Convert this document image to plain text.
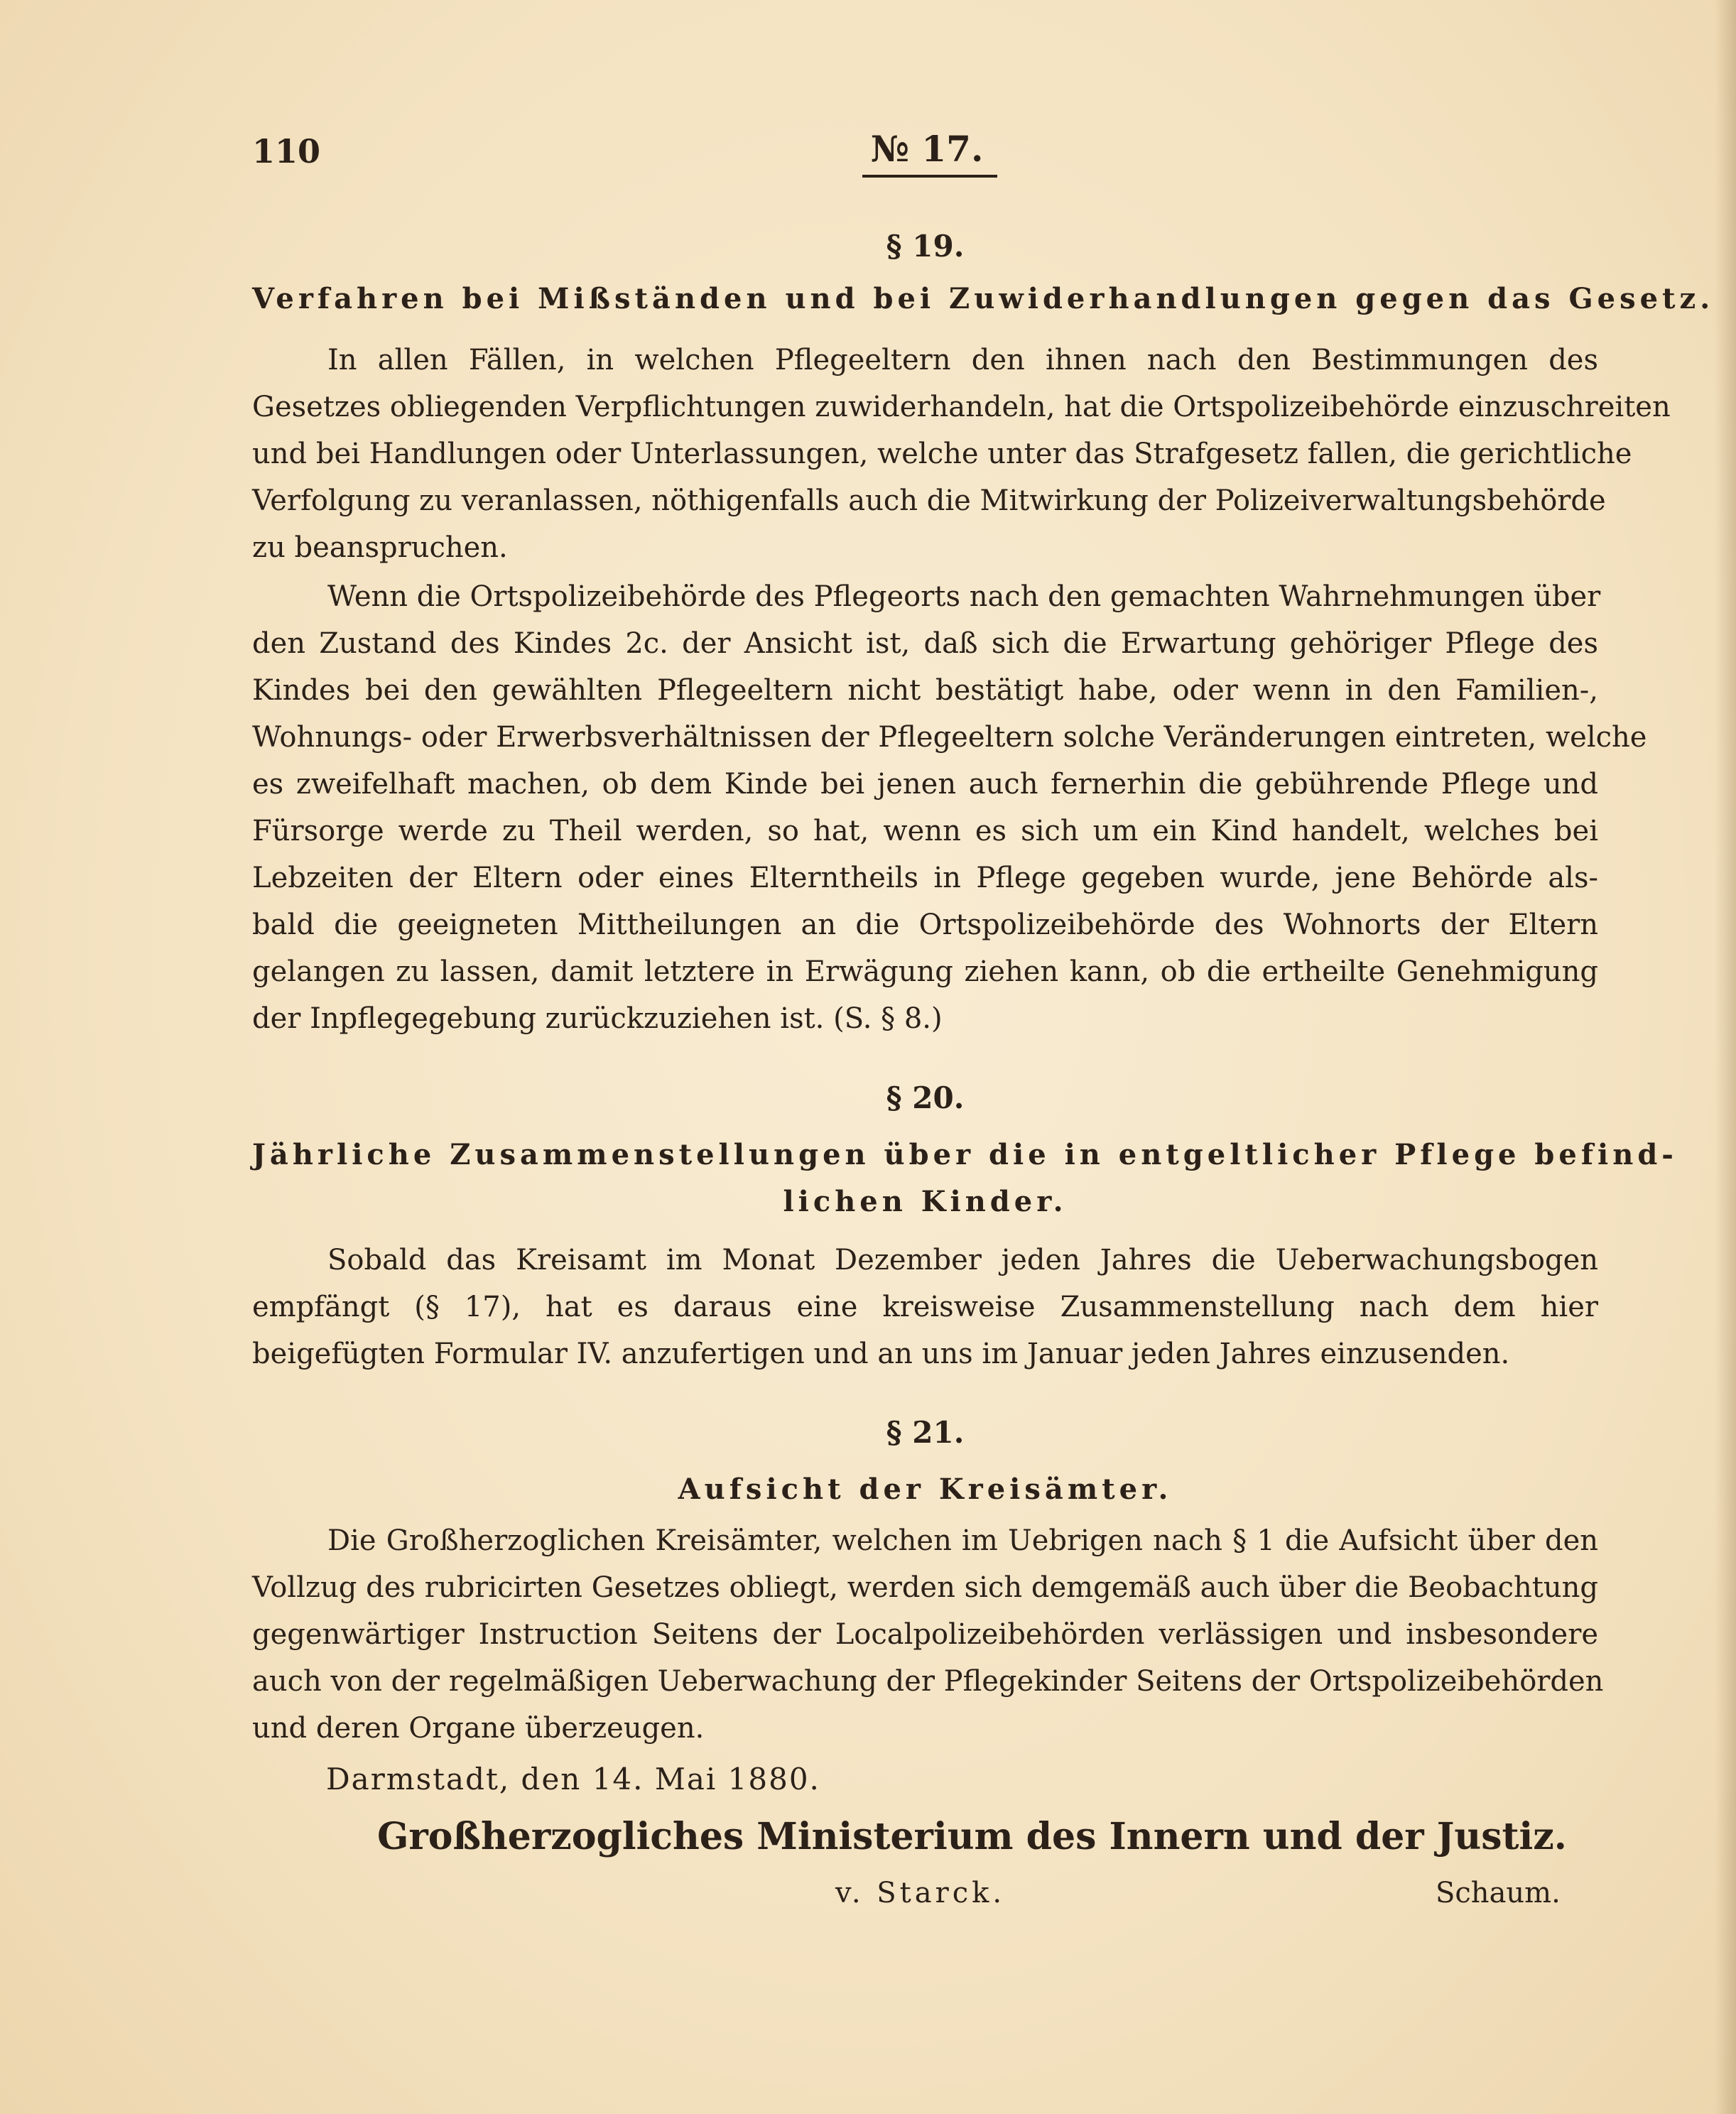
110	№ 17.
§ 19.
Verfahren bei Mißständen und bei Zuwiderhandlungen gegen das Gesetz.
In allen Fällen, in welchen Pflegeeltern den ihnen nach den Bestimmungen des
Gesetzes obliegenden Verpflichtungen zuwiderhandeln, hat die Ortspolizeibehörde einzuschreiten
und bei Handlungen oder Unterlassungen, welche unter das Strafgesetz fallen, die gerichtliche
Verfolgung zu veranlassen, nöthigenfalls auch die Mitwirkung der Polizeiverwaltungsbehörde
zu beanspruchen.
Wenn die Ortspolizeibehörde des Pflegeorts nach den gemachten Wahrnehmungen über
den Zustand des Kindes 2c. der Ansicht ist, daß sich die Erwartung gehöriger Pflege des
Kindes bei den gewählten Pflegeeltern nicht bestätigt habe, oder wenn in den Familien-,
Wohnungs- oder Erwerbsverhältnissen der Pflegeeltern solche Veränderungen eintreten, welche
es zweifelhaft machen, ob dem Kinde bei jenen auch fernerhin die gebührende Pflege und
Fürsorge werde zu Theil werden, so hat, wenn es sich um ein Kind handelt, welches bei
Lebzeiten der Eltern oder eines Elterntheils in Pflege gegeben wurde, jene Behörde als-
bald die geeigneten Mittheilungen an die Ortspolizeibehörde des Wohnorts der Eltern
gelangen zu lassen, damit letztere in Erwägung ziehen kann, ob die ertheilte Genehmigung
der Inpflegegebung zurückzuziehen ist. (S. § 8.)
§ 20.
Jährliche Zusammenstellungen über die in entgeltlicher Pflege befind-
lichen Kinder.
Sobald das Kreisamt im Monat Dezember jeden Jahres die Ueberwachungsbogen
empfängt (§ 17), hat es daraus eine kreisweise Zusammenstellung nach dem hier
beigefügten Formular IV. anzufertigen und an uns im Januar jeden Jahres einzusenden.
§ 21.
Aufsicht der Kreisämter.
Die Großherzoglichen Kreisämter, welchen im Uebrigen nach § 1 die Aufsicht über den
Vollzug des rubricirten Gesetzes obliegt, werden sich demgemäß auch über die Beobachtung
gegenwärtiger Instruction Seitens der Localpolizeibehörden verlässigen und insbesondere
auch von der regelmäßigen Ueberwachung der Pflegekinder Seitens der Ortspolizeibehörden
und deren Organe überzeugen.
Darmstadt, den 14. Mai 1880.
Großherzogliches Ministerium des Innern und der Justiz.
v. Starck.	Schaum.
